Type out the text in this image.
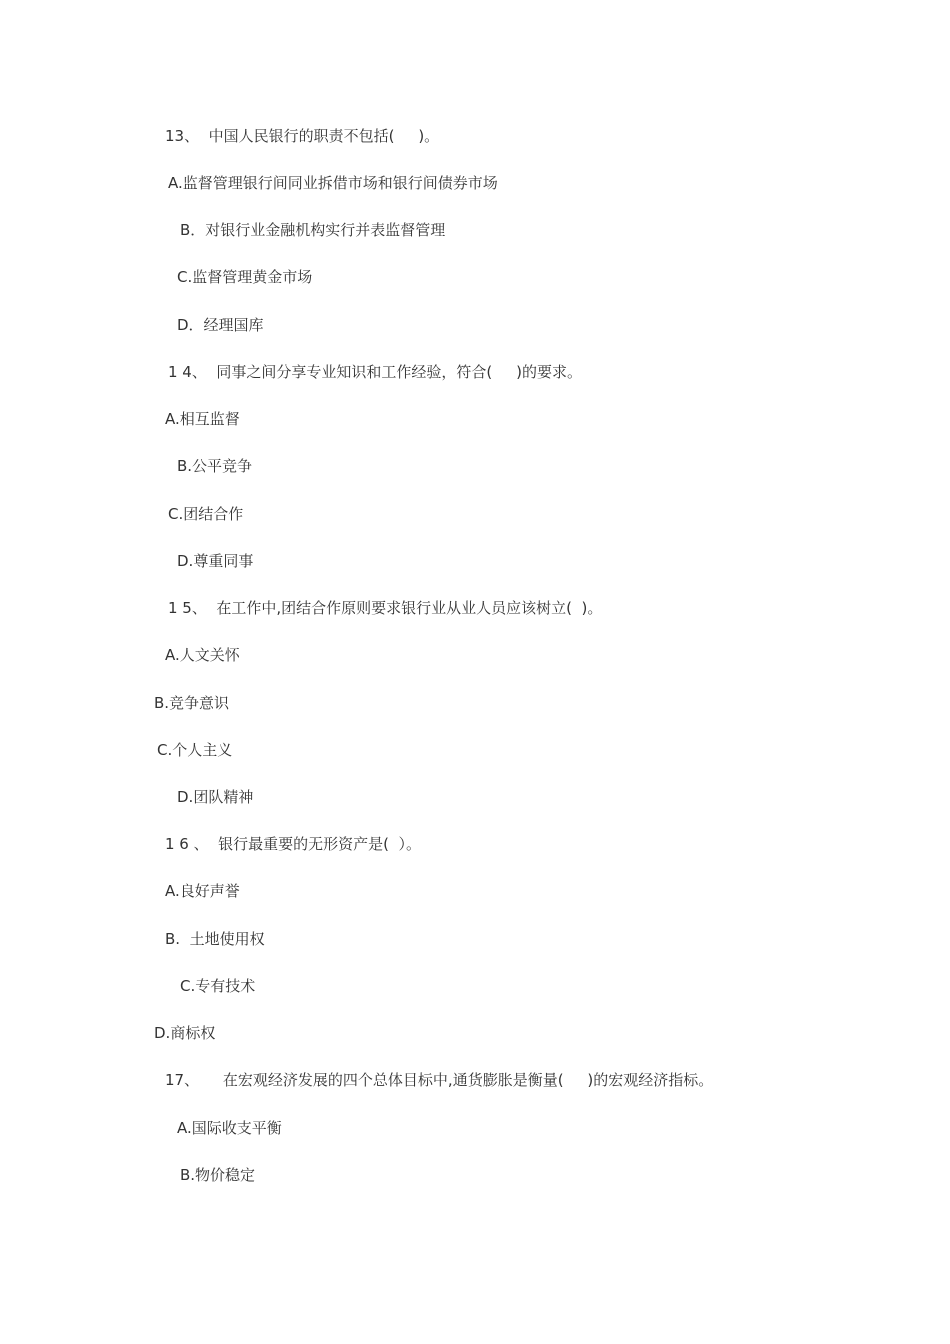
13、  中国人民银行的职责不包括(     )。
A.监督管理银行间同业拆借市场和银行间债券市场
B．对银行业金融机构实行并表监督管理
C.监督管理黄金市场
D．经理国库
1 4、  同事之间分享专业知识和工作经验，符合(     )的要求。
A.相互监督
B.公平竞争
C.团结合作
D.尊重同事
1 5、  在工作中,团结合作原则要求银行业从业人员应该树立(  )。
A.人文关怀
B.竞争意识
C.个人主义
D.团队精神
1 6 、  银行最重要的无形资产是(  ）。
A.良好声誉
B.  土地使用权
C.专有技术
D.商标权
17、     在宏观经济发展的四个总体目标中,通货膨胀是衡量(     )的宏观经济指标。
A.国际收支平衡
B.物价稳定
